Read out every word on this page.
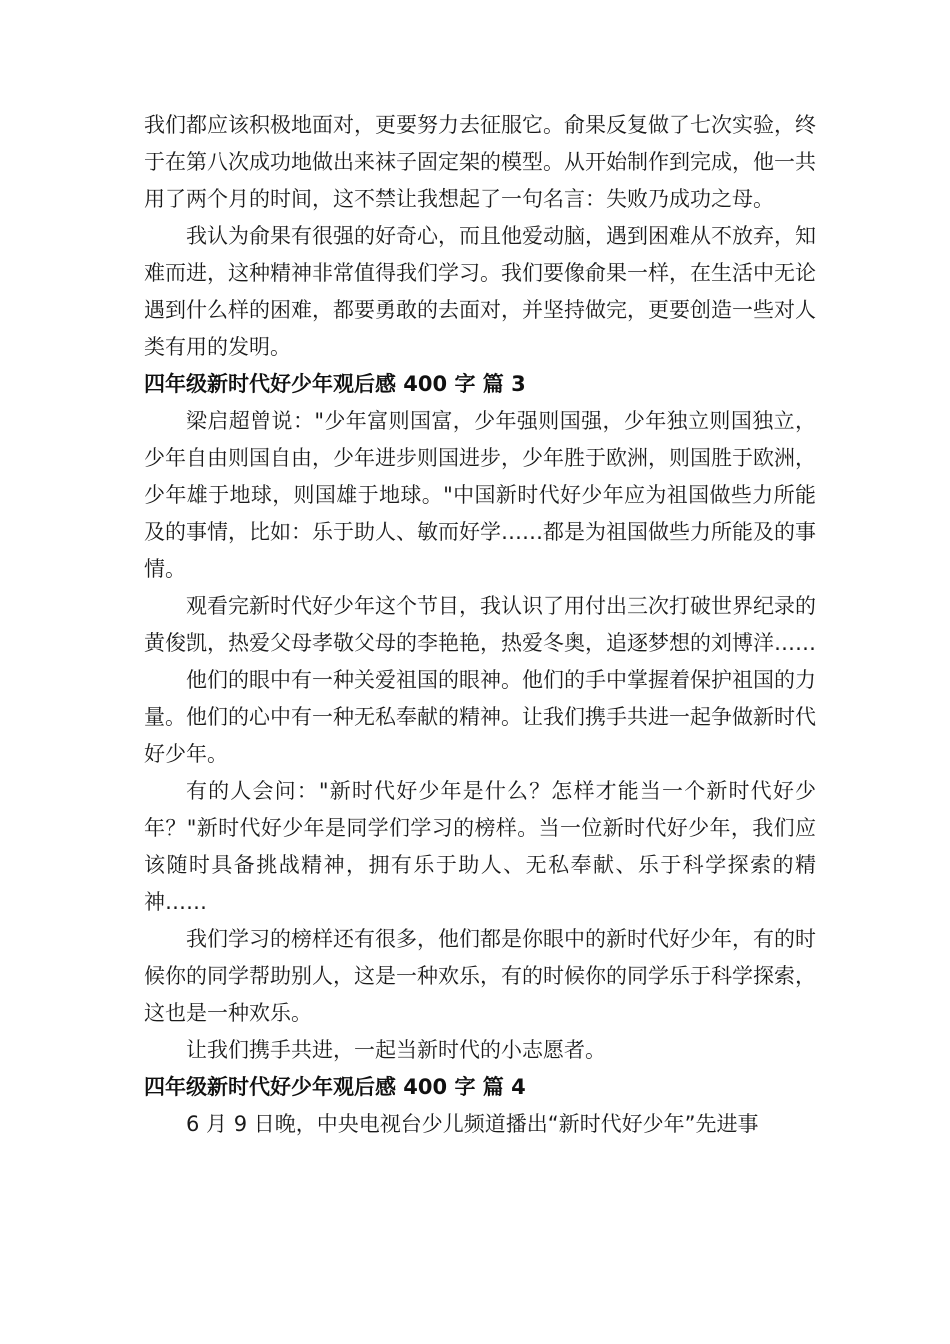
我们都应该积极地面对，更要努力去征服它。俞果反复做了七次实验，终于在第八次成功地做出来袜子固定架的模型。从开始制作到完成，他一共用了两个月的时间，这不禁让我想起了一句名言：失败乃成功之母。

我认为俞果有很强的好奇心，而且他爱动脑，遇到困难从不放弃，知难而进，这种精神非常值得我们学习。我们要像俞果一样，在生活中无论遇到什么样的困难，都要勇敢的去面对，并坚持做完，更要创造一些对人类有用的发明。

四年级新时代好少年观后感 400 字 篇 3

梁启超曾说："少年富则国富，少年强则国强，少年独立则国独立，少年自由则国自由，少年进步则国进步，少年胜于欧洲，则国胜于欧洲，少年雄于地球，则国雄于地球。"中国新时代好少年应为祖国做些力所能及的事情，比如：乐于助人、敏而好学……都是为祖国做些力所能及的事情。

观看完新时代好少年这个节目，我认识了用付出三次打破世界纪录的黄俊凯，热爱父母孝敬父母的李艳艳，热爱冬奥，追逐梦想的刘博洋……

他们的眼中有一种关爱祖国的眼神。他们的手中掌握着保护祖国的力量。他们的心中有一种无私奉献的精神。让我们携手共进一起争做新时代好少年。

有的人会问："新时代好少年是什么？怎样才能当一个新时代好少年？"新时代好少年是同学们学习的榜样。当一位新时代好少年，我们应该随时具备挑战精神，拥有乐于助人、无私奉献、乐于科学探索的精神……

我们学习的榜样还有很多，他们都是你眼中的新时代好少年，有的时候你的同学帮助别人，这是一种欢乐，有的时候你的同学乐于科学探索，这也是一种欢乐。

让我们携手共进，一起当新时代的小志愿者。

四年级新时代好少年观后感 400 字 篇 4

6 月 9 日晚，中央电视台少儿频道播出“新时代好少年”先进事
